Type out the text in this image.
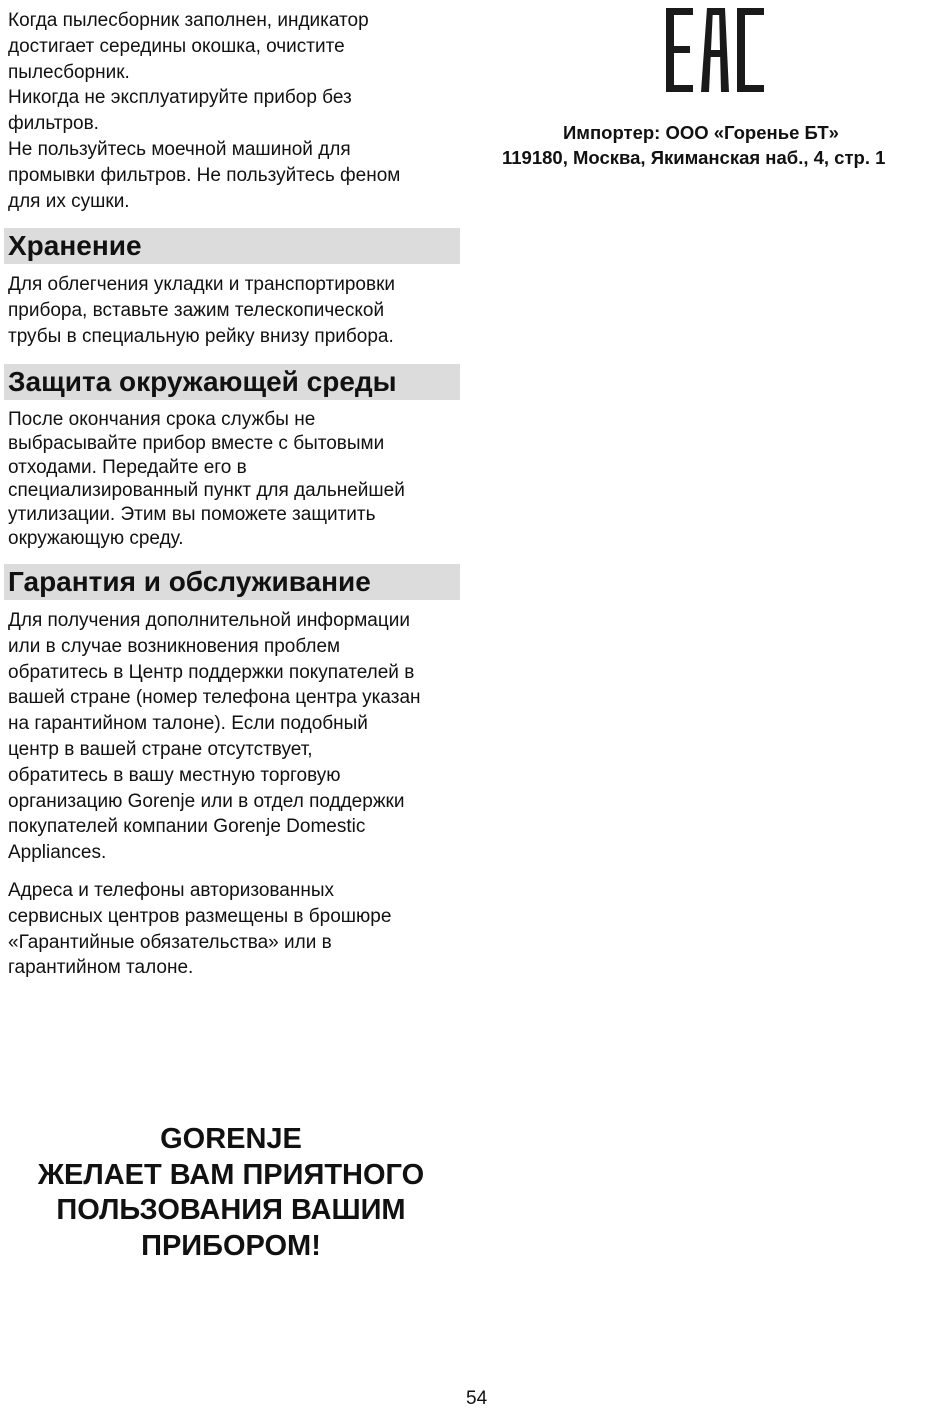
Когда пылесборник заполнен, индикатор
достигает середины окошка, очистите
пылесборник.
Никогда не эксплуатируйте прибор без
фильтров.
Не пользуйтесь моечной машиной для
промывки фильтров. Не пользуйтесь феном
для их сушки.

Хранение

Для облегчения укладки и транспортировки
прибора, вставьте зажим телескопической
трубы в специальную рейку внизу прибора.

Защита окружающей среды

После окончания срока службы не
выбрасывайте прибор вместе с бытовыми
отходами. Передайте его в
специализированный пункт для дальнейшей
утилизации. Этим вы поможете защитить
окружающую среду.

Гарантия и обслуживание

Для получения дополнительной информации
или в случае возникновения проблем
обратитесь в Центр поддержки покупателей в
вашей стране (номер телефона центра указан
на гарантийном талоне). Если подобный
центр в вашей стране отсутствует,
обратитесь в вашу местную торговую
организацию Gorenje или в отдел поддержки
покупателей компании Gorenje Domestic
Appliances.

Адреса и телефоны авторизованных
сервисных центров размещены в брошюре
«Гарантийные обязательства» или в
гарантийном талоне.

GORENJE
ЖЕЛАЕТ ВАМ ПРИЯТНОГО
ПОЛЬЗОВАНИЯ ВАШИМ
ПРИБОРОМ!
Импортер: ООО «Горенье БТ»
119180, Москва, Якиманская наб., 4, стр. 1
54
